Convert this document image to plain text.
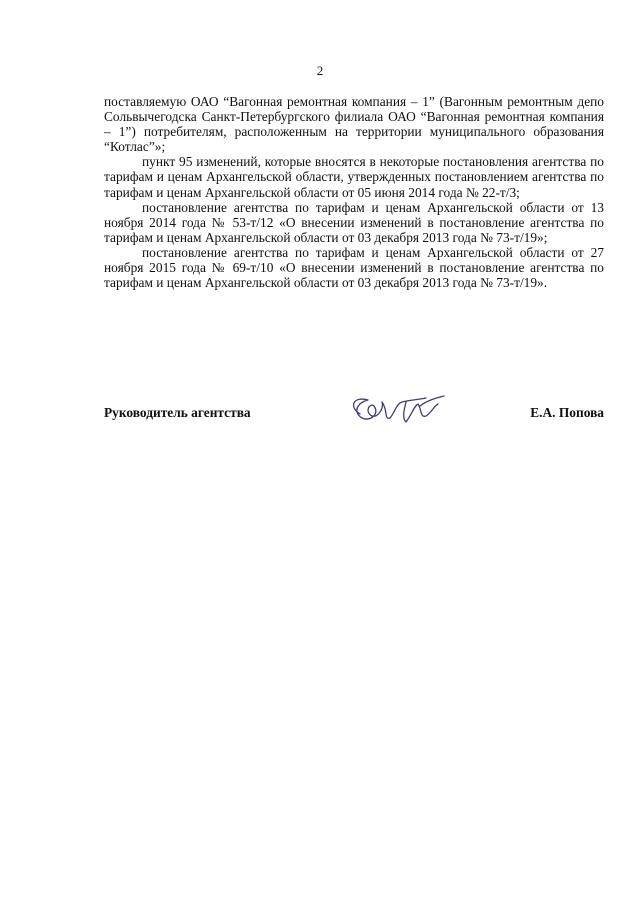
2

поставляемую ОАО “Вагонная ремонтная компания – 1” (Вагонным ремонтным депо Сольвычегодска Санкт-Петербургского филиала ОАО “Вагонная ремонтная компания – 1”) потребителям, расположенным на территории муниципального образования “Котлас”»;

пункт 95 изменений, которые вносятся в некоторые постановления агентства по тарифам и ценам Архангельской области, утвержденных постановлением агентства по тарифам и ценам Архангельской области от 05 июня 2014 года № 22-т/3;

постановление агентства по тарифам и ценам Архангельской области от 13 ноября 2014 года № 53-т/12 «О внесении изменений в постановление агентства по тарифам и ценам Архангельской области от 03 декабря 2013 года № 73-т/19»;

постановление агентства по тарифам и ценам Архангельской области от 27 ноября 2015 года № 69-т/10 «О внесении изменений в постановление агентства по тарифам и ценам Архангельской области от 03 декабря 2013 года № 73-т/19».

Руководитель агентства	Е.А. Попова
